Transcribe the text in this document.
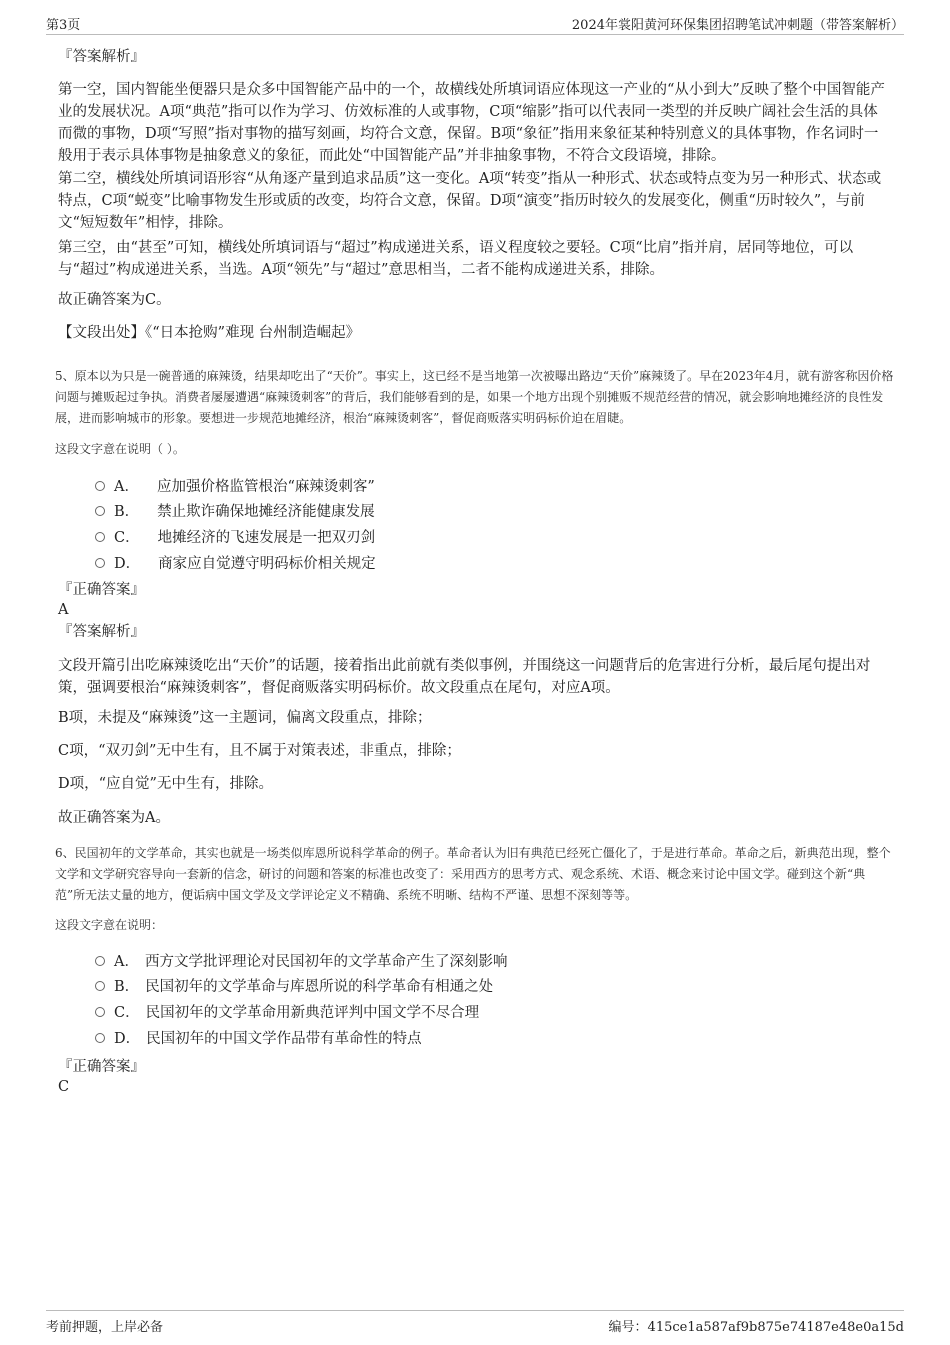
第3页	2024年裳阳黄河环保集团招聘笔试冲刺题（带答案解析）
『答案解析』

第一空，国内智能坐便器只是众多中国智能产品中的一个，故横线处所填词语应体现这一产业的“从小到大”反映了整个中国智能产业的发展状况。A项“典范”指可以作为学习、仿效标准的人或事物，C项“缩影”指可以代表同一类型的并反映广阔社会生活的具体而微的事物，D项“写照”指对事物的描写刻画，均符合文意，保留。B项“象征”指用来象征某种特别意义的具体事物，作名词时一般用于表示具体事物是抽象意义的象征，而此处“中国智能产品”并非抽象事物，不符合文段语境，排除。

第二空，横线处所填词语形容“从角逐产量到追求品质”这一变化。A项“转变”指从一种形式、状态或特点变为另一种形式、状态或特点，C项“蜕变”比喻事物发生形或质的改变，均符合文意，保留。D项“演变”指历时较久的发展变化，侧重“历时较久”，与前文“短短数年”相悖，排除。

第三空，由“甚至”可知，横线处所填词语与“超过”构成递进关系，语义程度较之要轻。C项“比肩”指并肩，居同等地位，可以与“超过”构成递进关系，当选。A项“领先”与“超过”意思相当，二者不能构成递进关系，排除。

故正确答案为C。

【文段出处】《“日本抢购”难现 台州制造崛起》

5、原本以为只是一碗普通的麻辣烫，结果却吃出了“天价”。事实上，这已经不是当地第一次被曝出路边“天价”麻辣烫了。早在2023年4月，就有游客称因价格问题与摊贩起过争执。消费者屡屡遭遇“麻辣烫刺客”的背后，我们能够看到的是，如果一个地方出现个别摊贩不规范经营的情况，就会影响地摊经济的良性发展，进而影响城市的形象。要想进一步规范地摊经济，根治“麻辣烫刺客”，督促商贩落实明码标价迫在眉睫。

这段文字意在说明（ ）。

A． 应加强价格监管根治“麻辣烫刺客”
B． 禁止欺诈确保地摊经济能健康发展
C． 地摊经济的飞速发展是一把双刃剑
D． 商家应自觉遵守明码标价相关规定
『正确答案』
A
『答案解析』

文段开篇引出吃麻辣烫吃出“天价”的话题，接着指出此前就有类似事例，并围绕这一问题背后的危害进行分析，最后尾句提出对策，强调要根治“麻辣烫刺客”，督促商贩落实明码标价。故文段重点在尾句，对应A项。

B项，未提及“麻辣烫”这一主题词，偏离文段重点，排除；

C项，“双刃剑”无中生有，且不属于对策表述，非重点，排除；

D项，“应自觉”无中生有，排除。

故正确答案为A。

6、民国初年的文学革命，其实也就是一场类似库恩所说科学革命的例子。革命者认为旧有典范已经死亡僵化了，于是进行革命。革命之后，新典范出现，整个文学和文学研究容导向一套新的信念，研讨的问题和答案的标准也改变了：采用西方的思考方式、观念系统、术语、概念来讨论中国文学。碰到这个新“典范”所无法丈量的地方，便诟病中国文学及文学评论定义不精确、系统不明晰、结构不严谨、思想不深刻等等。

这段文字意在说明：

A． 西方文学批评理论对民国初年的文学革命产生了深刻影响
B． 民国初年的文学革命与库恩所说的科学革命有相通之处
C． 民国初年的文学革命用新典范评判中国文学不尽合理
D． 民国初年的中国文学作品带有革命性的特点
『正确答案』
C
考前押题，上岸必备	编号：415ce1a587af9b875e74187e48e0a15d
